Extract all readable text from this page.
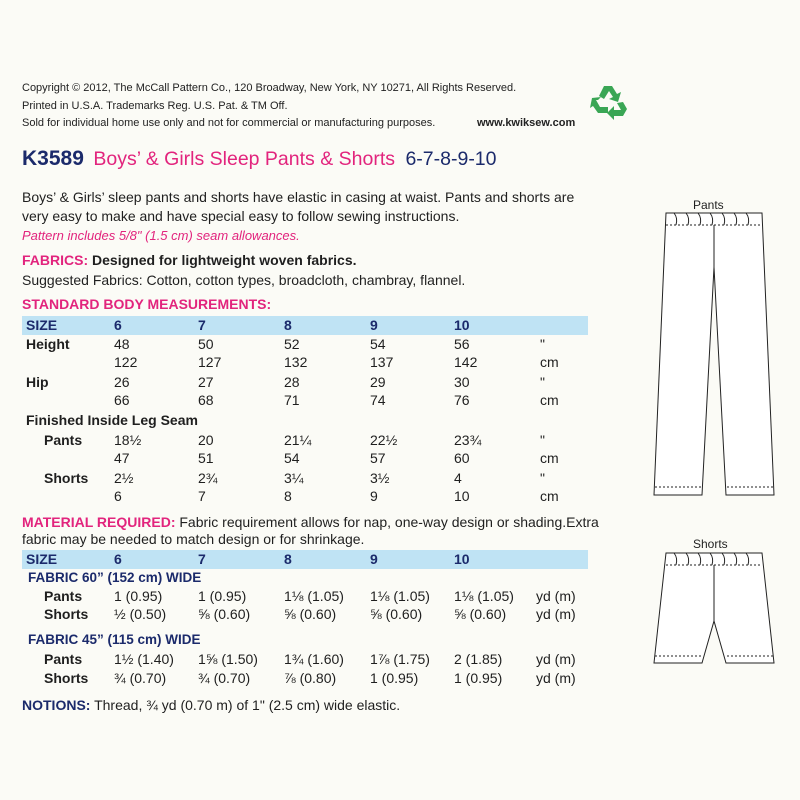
Copyright © 2012, The McCall Pattern Co., 120 Broadway, New York, NY 10271, All Rights Reserved.
Printed in U.S.A. Trademarks Reg. U.S. Pat. & TM Off.
Sold for individual home use only and not for commercial or manufacturing purposes.	www.kwiksew.com
K3589 Boys’ & Girls Sleep Pants & Shorts 6-7-8-9-10
Boys’ & Girls’ sleep pants and shorts have elastic in casing at waist. Pants and shorts are very easy to make and have special easy to follow sewing instructions.
Pattern includes 5/8" (1.5 cm) seam allowances.
FABRICS: Designed for lightweight woven fabrics.
Suggested Fabrics: Cotton, cotton types, broadcloth, chambray, flannel.
STANDARD BODY MEASUREMENTS:
SIZE	6	7	8	9	10
Height	48	50	52	54	56	"
122	127	132	137	142	cm
Hip	26	27	28	29	30	"
66	68	71	74	76	cm
Finished Inside Leg Seam
Pants 18½	20	21¼	22½	23¾	"
47	51	54	57	60	cm
Shorts 2½	2¾	3¼	3½	4	"
6	7	8	9	10	cm
MATERIAL REQUIRED: Fabric requirement allows for nap, one-way design or shading.Extra fabric may be needed to match design or for shrinkage.
SIZE	6	7	8	9	10
FABRIC 60” (152 cm) WIDE
Pants 1 (0.95)	1 (0.95)	1⅛ (1.05) 1⅛ (1.05) 1⅛ (1.05) yd (m)
Shorts ½ (0.50) ⅝ (0.60) ⅝ (0.60) ⅝ (0.60) ⅝ (0.60) yd (m)
FABRIC 45” (115 cm) WIDE
Pants 1½ (1.40) 1⅝ (1.50) 1¾ (1.60) 1⅞ (1.75) 2 (1.85) yd (m)
Shorts ¾ (0.70) ¾ (0.70) ⅞ (0.80) 1 (0.95)	1 (0.95) yd (m)
NOTIONS: Thread, ¾ yd (0.70 m) of 1" (2.5 cm) wide elastic.
Pants
Shorts
